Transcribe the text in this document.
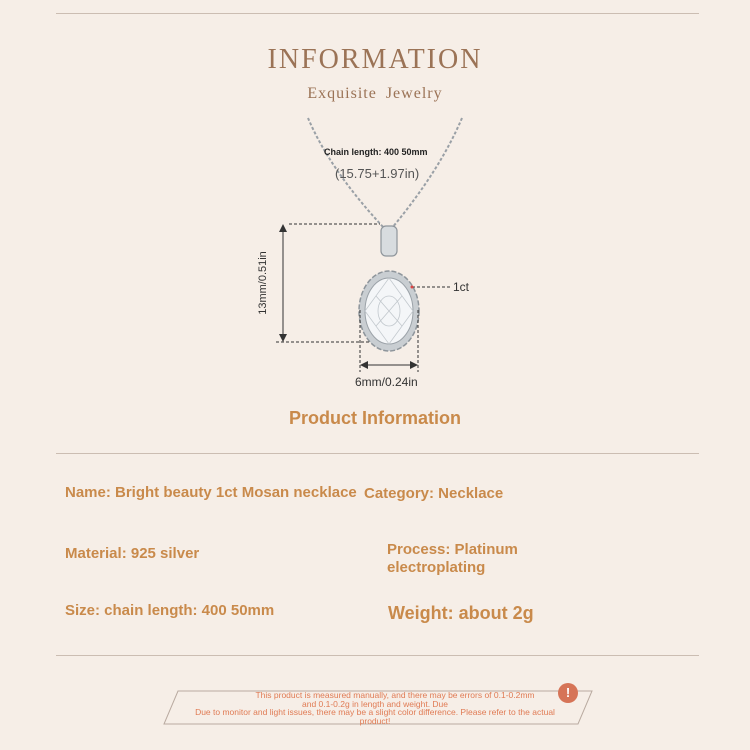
INFORMATION
Exquisite Jewelry
Chain length: 400 50mm
(15.75+1.97in)
13mm/0.51in	1ct
6mm/0.24in
Product Information
Name: Bright beauty 1ct Mosan necklace Category: Necklace
Material: 925 silver	Process: Platinum
electroplating
Size: chain length: 400 50mm	Weight: about 2g
This product is measured manually, and there may be errors of 0.1-0.2mm
and 0.1-0.2g in length and weight. Due
Due to monitor and light issues, there may be a slight color difference. Please refer to the actual
product!
!
